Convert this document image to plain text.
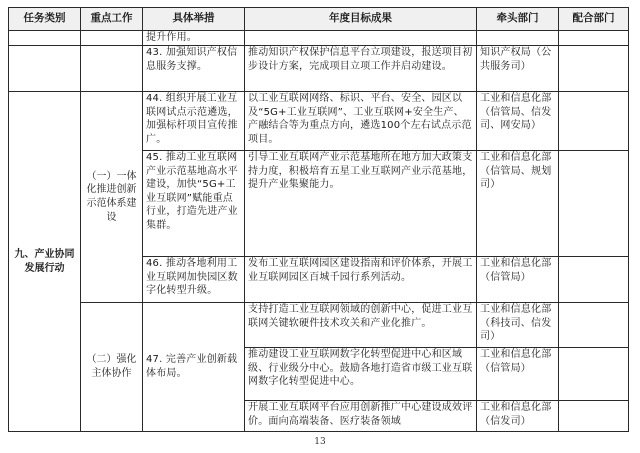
任务类别	重点工作	具体举措	年度目标成果	牵头部门	配合部门
		提升作用。			
		43. 加强知识产权信息服务支撑。	推动知识产权保护信息平台立项建设，报送项目初步设计方案，完成项目立项工作并启动建设。	知识产权局（公共服务司）	
九、产业协同发展行动	（一）一体化推进创新示范体系建设	44. 组织开展工业互联网试点示范遴选，加强标杆项目宣传推广。	以工业互联网网络、标识、平台、安全、园区以及“5G+工业互联网”、工业互联网+安全生产、产融结合等为重点方向，遴选100个左右试点示范项目。	工业和信息化部（信管局、信发司、网安局）	
		45. 推动工业互联网产业示范基地高水平建设，加快“5G+工业互联网”赋能重点行业，打造先进产业集群。	引导工业互联网产业示范基地所在地方加大政策支持力度，积极培育五星工业互联网产业示范基地，提升产业集聚能力。	工业和信息化部（信管局、规划司）	
		46. 推动各地利用工业互联网加快园区数字化转型升级。	发布工业互联网园区建设指南和评价体系，开展工业互联网园区百城千园行系列活动。	工业和信息化部（信管局）	
	（二）强化主体协作	47. 完善产业创新载体布局。	支持打造工业互联网领域的创新中心，促进工业互联网关键软硬件技术攻关和产业化推广。	工业和信息化部（科技司、信发司）	
			推动建设工业互联网数字化转型促进中心和区域级、行业级分中心。鼓励各地打造省市级工业互联网数字化转型促进中心。	工业和信息化部（信管局）	
			开展工业互联网平台应用创新推广中心建设成效评价。面向高端装备、医疗装备领域	工业和信息化部（信发司）	
13
